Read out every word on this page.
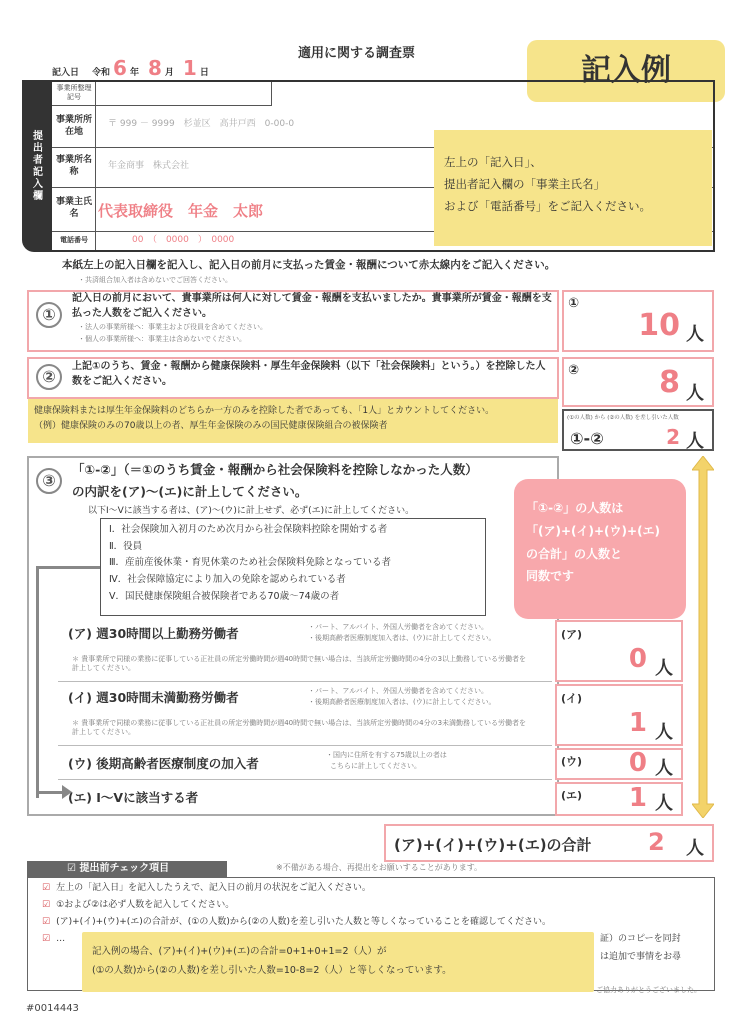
適用に関する調査票
記入日 令和 6 年 8 月 1 日	記入例
提出者記入欄
事業所整理記号
事業所所在地
〒 999 － 9999　杉並区　高井戸西　0-00-0
事業所名称
年金商事　株式会社
事業主氏名	代表取締役　年金　太郎
電話番号	00　（　0000　）　0000
左上の「記入日」、
提出者記入欄の「事業主氏名」
および「電話番号」をご記入ください。
本紙左上の記入日欄を記入し、記入日の前月に支払った賃金・報酬について赤太線内をご記入ください。
・共済組合加入者は含めないでご回答ください。
①
記入日の前月において、貴事業所は何人に対して賃金・報酬を支払いましたか。貴事業所が賃金・報酬を支払った人数をご記入ください。
・法人の事業所様へ：事業主および役員を含めてください。
・個人の事業所様へ：事業主は含めないでください。
①
10 人
②
上記①のうち、賃金・報酬から健康保険料・厚生年金保険料（以下「社会保険料」という。）を控除した人数をご記入ください。
②	8 人
健康保険料または厚生年金保険料のどちらか一方のみを控除した者であっても、「1人」とカウントしてください。
（例）健康保険のみの70歳以上の者、厚生年金保険のみの国民健康保険組合の被保険者
(①の人数) から (②の人数) を差し引いた人数
①-②	2 人
③
「①-②」（＝①のうち賃金・報酬から社会保険料を控除しなかった人数）
の内訳を(ア)～(エ)に計上してください。
以下Ⅰ～Ⅴに該当する者は、(ア)～(ウ)に計上せず、必ず(エ)に計上してください。
Ⅰ．社会保険加入初月のため次月から社会保険料控除を開始する者
Ⅱ．役員
Ⅲ．産前産後休業・育児休業のため社会保険料免除となっている者
Ⅳ．社会保障協定により加入の免除を認められている者
Ⅴ．国民健康保険組合被保険者である70歳～74歳の者
「①-②」の人数は
「(ア)+(イ)+(ウ)+(エ)
の合計」の人数と
同数です
(ア) 週30時間以上勤務労働者	・パート、アルバイト、外国人労働者を含めてください。
・後期高齢者医療制度加入者は、(ウ)に計上してください。
＊ 貴事業所で同様の業務に従事している正社員の所定労働時間が週40時間で無い場合は、当該所定労働時間の4分の3以上勤務している労働者を計上してください。
(ア)
0 人
(イ) 週30時間未満勤務労働者	・パート、アルバイト、外国人労働者を含めてください。
・後期高齢者医療制度加入者は、(ウ)に計上してください。
＊ 貴事業所で同様の業務に従事している正社員の所定労働時間が週40時間で無い場合は、当該所定労働時間の4分の3未満勤務している労働者を計上してください。
(イ)
1 人
(ウ) 後期高齢者医療制度の加入者
・国内に住所を有する75歳以上の者は
こちらに計上してください。	(ウ) 0 人
(エ) Ⅰ～Ⅴに該当する者	(エ) 1 人
(ア)+(イ)+(ウ)+(エ)の合計 2 人
☑ 提出前チェック項目	※不備がある場合、再提出をお願いすることがあります。
☑ 左上の「記入日」を記入したうえで、記入日の前月の状況をご記入ください。
☑ ①および②は必ず人数を記入してください。
☑ (ア)+(イ)+(ウ)+(エ)の合計が、(①の人数)から(②の人数)を差し引いた人数と等しくなっていることを確認してください。
☑ …	証）のコピーを同封
は追加で事情をお尋
ご協力ありがとうございました。
記入例の場合、(ア)+(イ)+(ウ)+(エ)の合計=0+1+0+1=2（人）が
(①の人数)から(②の人数)を差し引いた人数=10-8=2（人）と等しくなっています。
#0014443
